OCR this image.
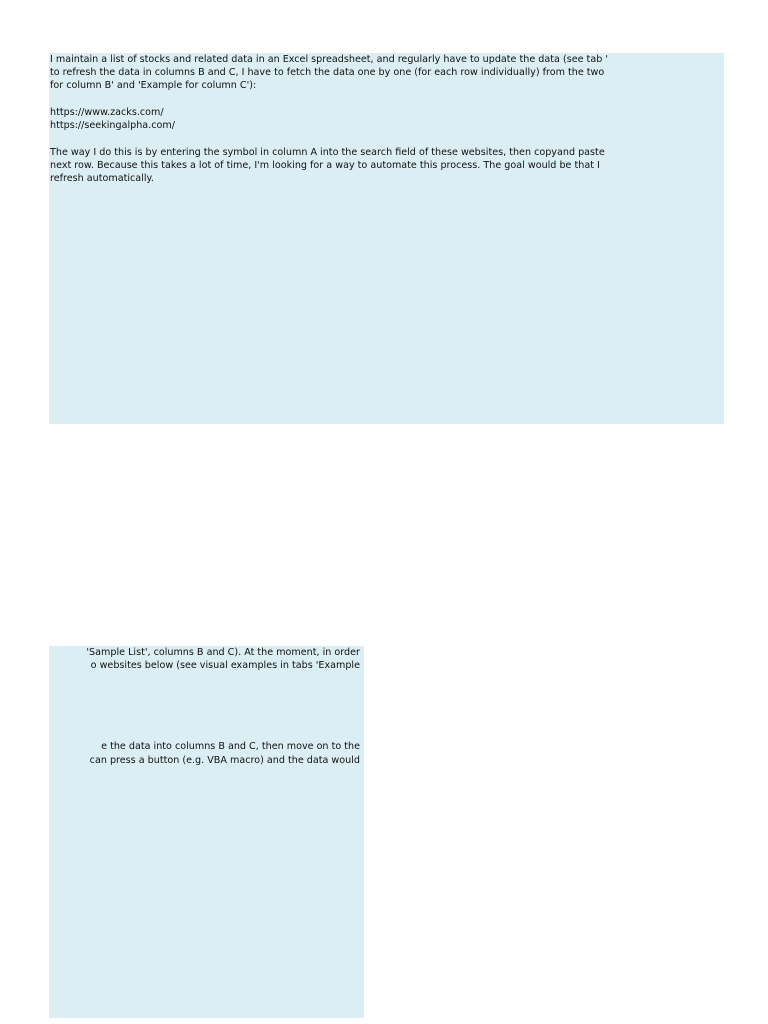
I maintain a list of stocks and related data in an Excel spreadsheet, and regularly have to update the data (see tab '
to refresh the data in columns B and C, I have to fetch the data one by one (for each row individually) from the two
for column B' and 'Example for column C'):
https://www.zacks.com/
https://seekingalpha.com/
The way I do this is by entering the symbol in column A into the search field of these websites, then copyand paste
next row. Because this takes a lot of time, I'm looking for a way to automate this process. The goal would be that I
refresh automatically.
'Sample List', columns B and C). At the moment, in order
o websites below (see visual examples in tabs 'Example
e the data into columns B and C, then move on to the
can press a button (e.g. VBA macro) and the data would
